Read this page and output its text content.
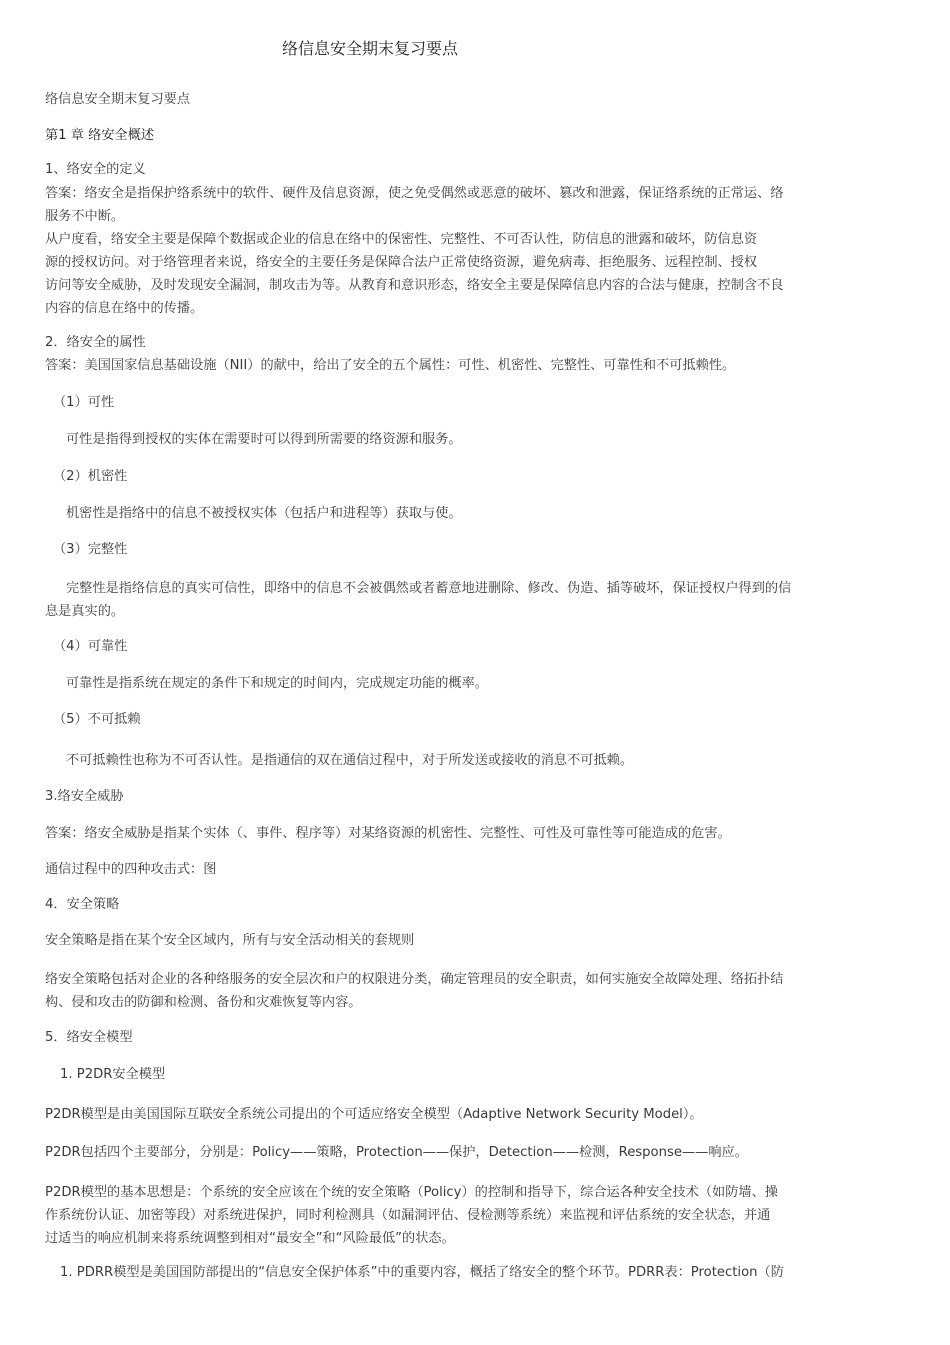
络信息安全期末复习要点
络信息安全期末复习要点
第1 章 络安全概述
1、络安全的定义
答案：络安全是指保护络系统中的软件、硬件及信息资源，使之免受偶然或恶意的破坏、篡改和泄露，保证络系统的正常运、络
服务不中断。
从户度看，络安全主要是保障个数据或企业的信息在络中的保密性、完整性、不可否认性，防信息的泄露和破坏，防信息资
源的授权访问。对于络管理者来说，络安全的主要任务是保障合法户正常使络资源，避免病毒、拒绝服务、远程控制、授权
访问等安全威胁，及时发现安全漏洞，制攻击为等。从教育和意识形态，络安全主要是保障信息内容的合法与健康，控制含不良
内容的信息在络中的传播。
2．络安全的属性
答案：美国国家信息基础设施（NII）的献中，给出了安全的五个属性：可性、机密性、完整性、可靠性和不可抵赖性。
（1）可性
可性是指得到授权的实体在需要时可以得到所需要的络资源和服务。
（2）机密性
机密性是指络中的信息不被授权实体（包括户和进程等）获取与使。
（3）完整性
完整性是指络信息的真实可信性，即络中的信息不会被偶然或者蓄意地进删除、修改、伪造、插等破坏，保证授权户得到的信
息是真实的。
（4）可靠性
可靠性是指系统在规定的条件下和规定的时间内，完成规定功能的概率。
（5）不可抵赖
不可抵赖性也称为不可否认性。是指通信的双在通信过程中，对于所发送或接收的消息不可抵赖。
3.络安全威胁
答案：络安全威胁是指某个实体（、事件、程序等）对某络资源的机密性、完整性、可性及可靠性等可能造成的危害。
通信过程中的四种攻击式：图
4．安全策略
安全策略是指在某个安全区域内，所有与安全活动相关的套规则
络安全策略包括对企业的各种络服务的安全层次和户的权限进分类，确定管理员的安全职责，如何实施安全故障处理、络拓扑结
构、侵和攻击的防御和检测、备份和灾难恢复等内容。
5．络安全模型
1. P2DR安全模型
P2DR模型是由美国国际互联安全系统公司提出的个可适应络安全模型（Adaptive Network Security Model）。
P2DR包括四个主要部分，分别是：Policy——策略，Protection——保护，Detection——检测，Response——响应。
P2DR模型的基本思想是：个系统的安全应该在个统的安全策略（Policy）的控制和指导下，综合运各种安全技术（如防墙、操
作系统份认证、加密等段）对系统进保护，同时利检测具（如漏洞评估、侵检测等系统）来监视和评估系统的安全状态，并通
过适当的响应机制来将系统调整到相对“最安全”和“风险最低”的状态。
1. PDRR模型是美国国防部提出的“信息安全保护体系”中的重要内容，概括了络安全的整个环节。PDRR表：Protection（防
